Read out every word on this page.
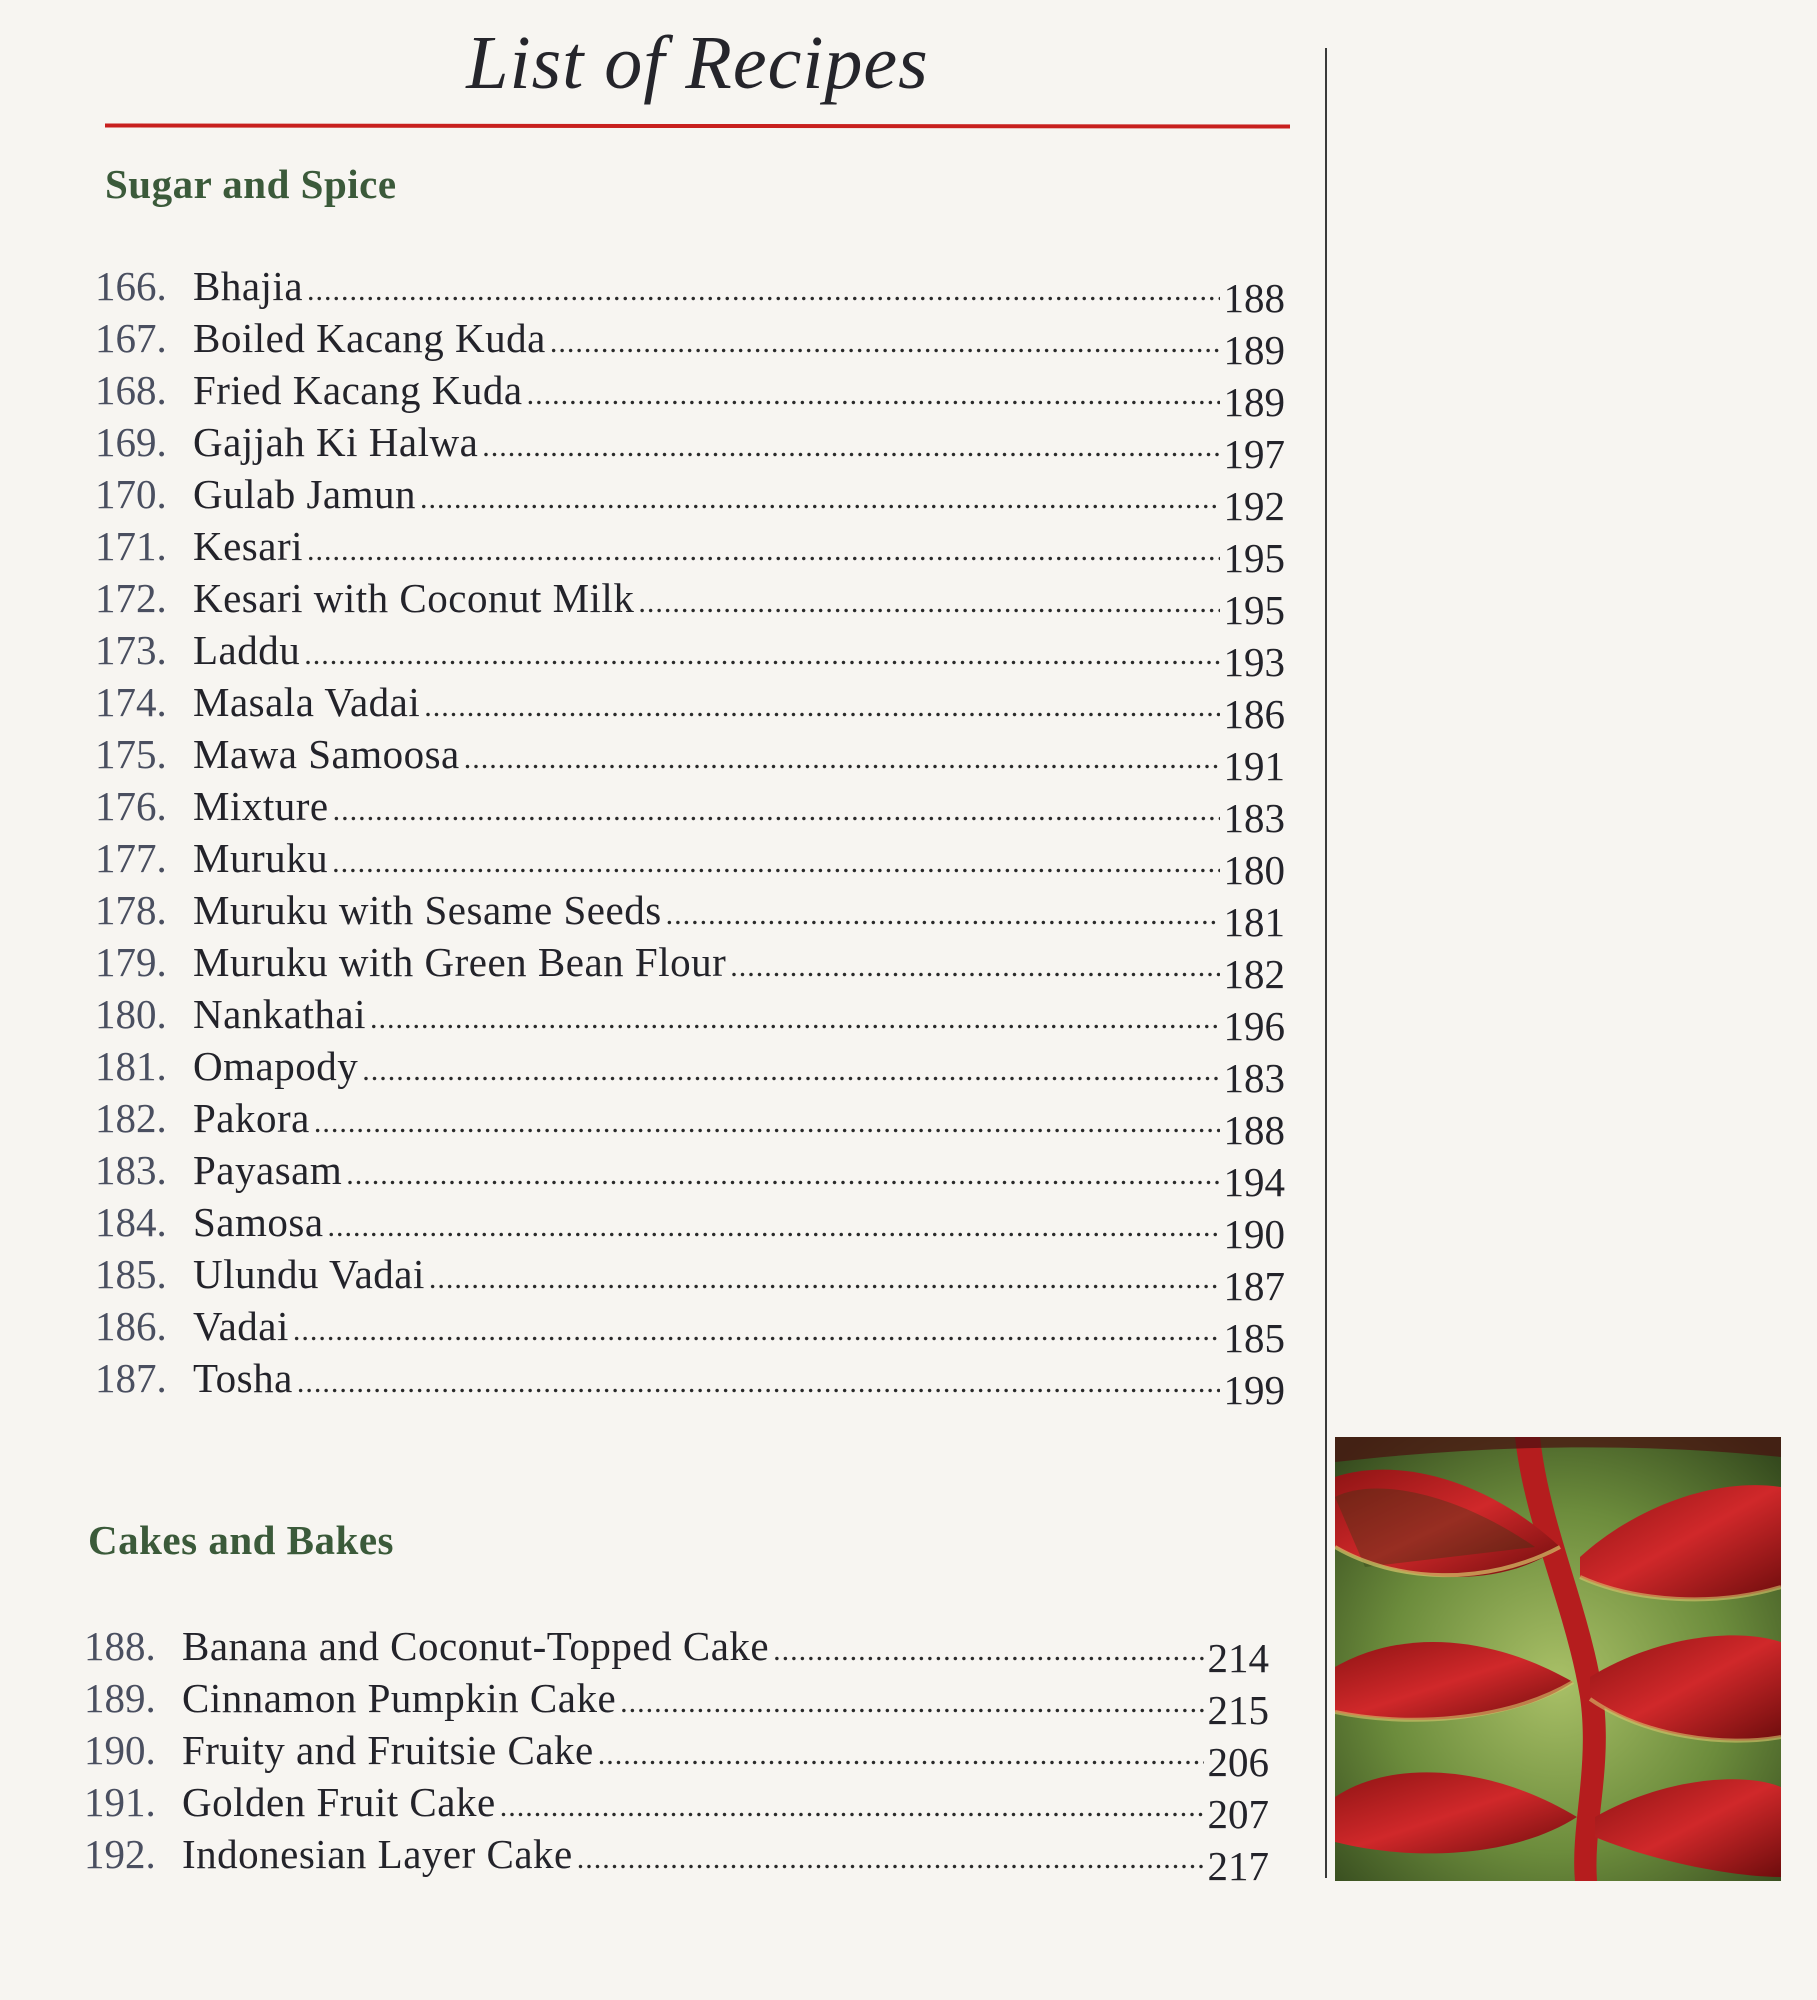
List of Recipes
Sugar and Spice
166. Bhajia .....	188
167. Boiled Kacang Kuda .....	189
168. Fried Kacang Kuda .....	189
169. Gajjah Ki Halwa .....	197
170. Gulab Jamun .....	192
171. Kesari .....	195
172. Kesari with Coconut Milk .....	195
173. Laddu .....	193
174. Masala Vadai .....	186
175. Mawa Samoosa .....	191
176. Mixture .....	183
177. Muruku .....	180
178. Muruku with Sesame Seeds .....	181
179. Muruku with Green Bean Flour .....	182
180. Nankathai .....	196
181. Omapody .....	183
182. Pakora .....	188
183. Payasam .....	194
184. Samosa .....	190
185. Ulundu Vadai .....	187
186. Vadai .....	185
187. Tosha .....	199
Cakes and Bakes
188. Banana and Coconut-Topped Cake .....	214
189. Cinnamon Pumpkin Cake .....	215
190. Fruity and Fruitsie Cake .....	206
191. Golden Fruit Cake .....	207
192. Indonesian Layer Cake .....	217
